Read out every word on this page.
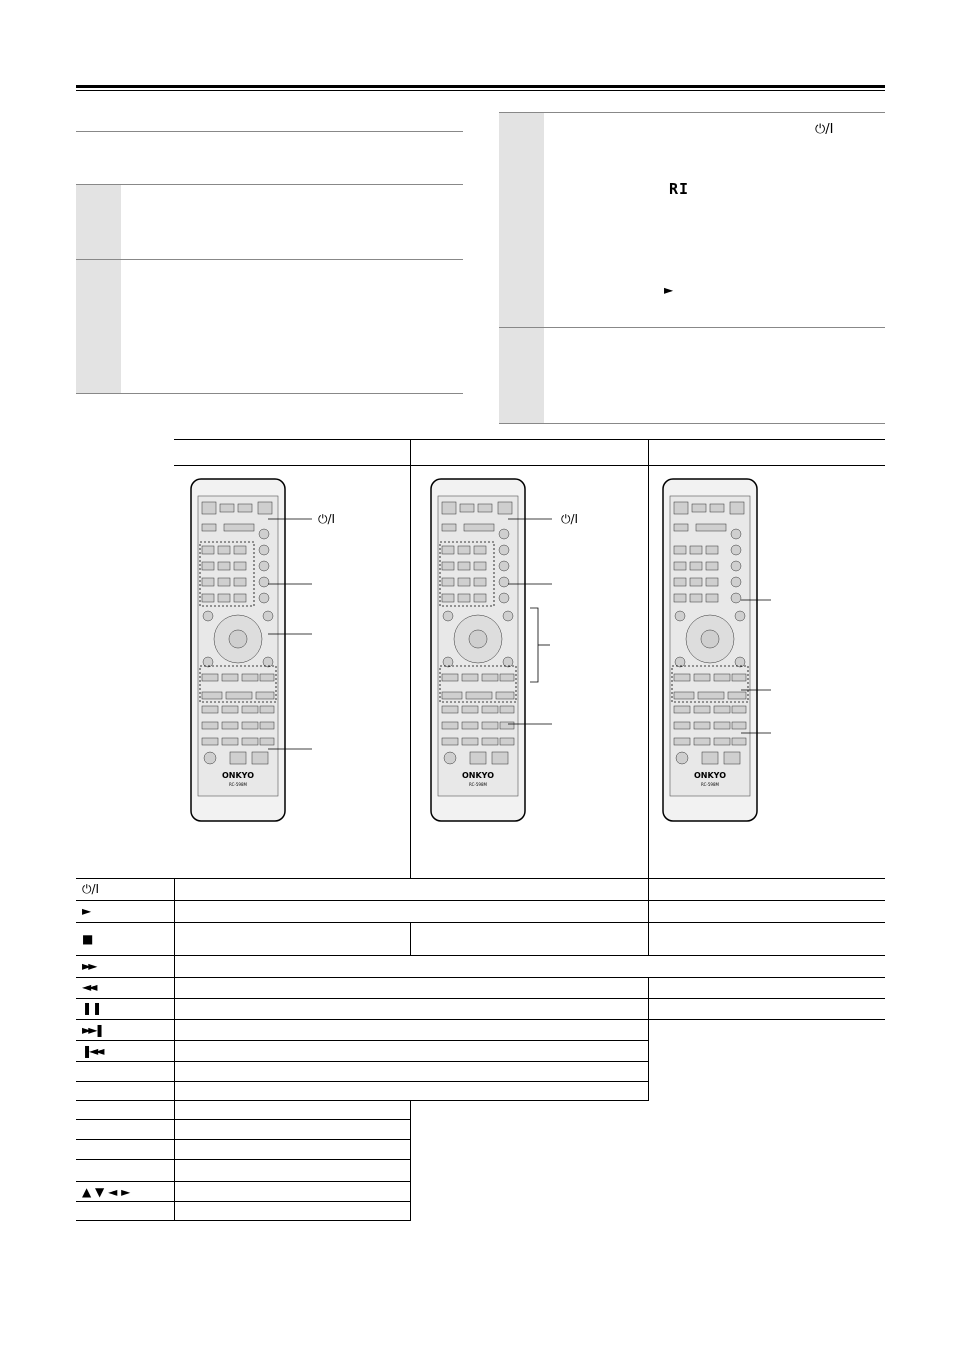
⏻/I
RI
►
ONKYO
RC-598M
⏻/I
ONKYO
RC-598M
⏻/I
ONKYO
RC-598M
⏻/I
►
■
►►
◄◄
❚❚
►►❚
❚◄◄
▲ ▼ ◄ ►
